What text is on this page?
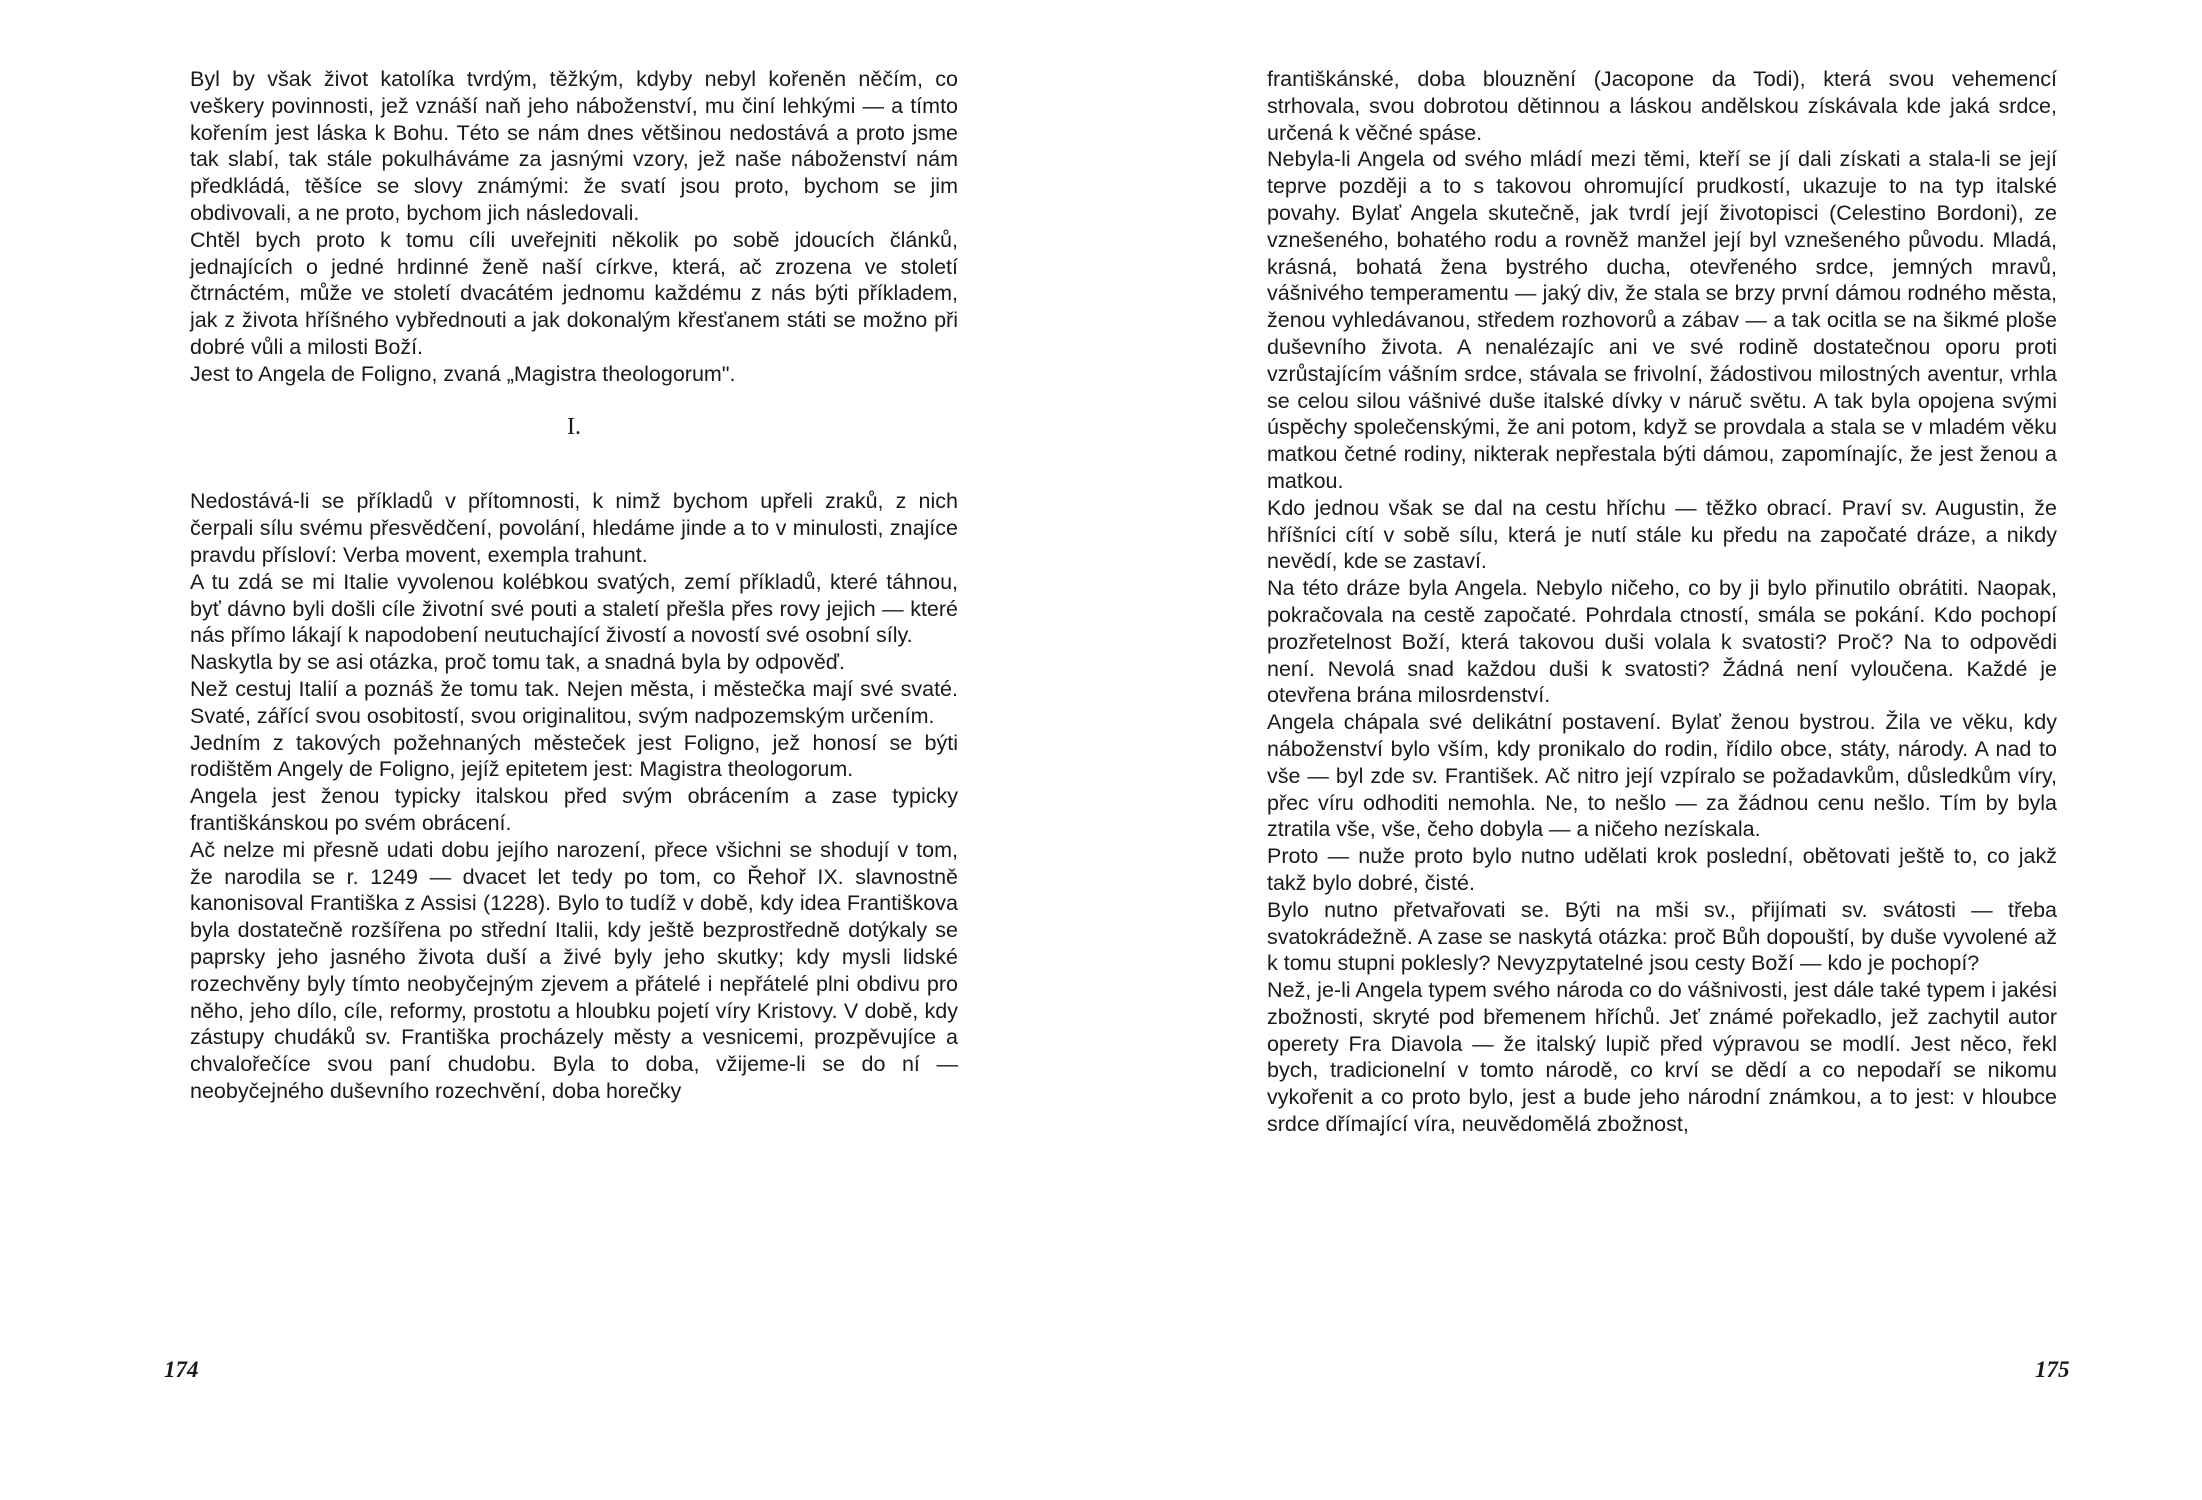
Byl by však život katolíka tvrdým, těžkým, kdyby nebyl kořeněn něčím, co veškery povinnosti, jež vznáší naň jeho náboženství, mu činí lehkými — a tímto kořením jest láska k Bohu. Této se nám dnes většinou nedostává a proto jsme tak slabí, tak stále pokulháváme za jasnými vzory, jež naše náboženství nám předkládá, těšíce se slovy známými: že svatí jsou proto, bychom se jim obdivovali, a ne proto, bychom jich následovali.

Chtěl bych proto k tomu cíli uveřejniti několik po sobě jdoucích článků, jednajících o jedné hrdinné ženě naší církve, která, ač zrozena ve století čtrnáctém, může ve století dvacátém jednomu každému z nás býti příkladem, jak z života hříšného vybřednouti a jak dokonalým křesťanem státi se možno při dobré vůli a milosti Boží.

Jest to Angela de Foligno, zvaná „Magistra theologorum".

I.

Nedostává-li se příkladů v přítomnosti, k nimž bychom upřeli zraků, z nich čerpali sílu svému přesvědčení, povolání, hledáme jinde a to v minulosti, znajíce pravdu přísloví: Verba movent, exempla trahunt.

A tu zdá se mi Italie vyvolenou kolébkou svatých, zemí příkladů, které táhnou, byť dávno byli došli cíle životní své pouti a staletí přešla přes rovy jejich — které nás přímo lákají k napodobení neutuchající živostí a novostí své osobní síly.

Naskytla by se asi otázka, proč tomu tak, a snadná byla by odpověď.

Než cestuj Italií a poznáš že tomu tak. Nejen města, i městečka mají své svaté. Svaté, zářící svou osobitostí, svou originalitou, svým nadpozemským určením.

Jedním z takových požehnaných městeček jest Foligno, jež honosí se býti rodištěm Angely de Foligno, jejíž epitetem jest: Magistra theologorum.

Angela jest ženou typicky italskou před svým obrácením a zase typicky františkánskou po svém obrácení.

Ač nelze mi přesně udati dobu jejího narození, přece všichni se shodují v tom, že narodila se r. 1249 — dvacet let tedy po tom, co Řehoř IX. slavnostně kanonisoval Františka z Assisi (1228). Bylo to tudíž v době, kdy idea Františkova byla dostatečně rozšířena po střední Italii, kdy ještě bezprostředně dotýkaly se paprsky jeho jasného života duší a živé byly jeho skutky; kdy mysli lidské rozechvěny byly tímto neobyčejným zjevem a přátelé i nepřátelé plni obdivu pro něho, jeho dílo, cíle, reformy, prostotu a hloubku pojetí víry Kristovy. V době, kdy zástupy chudáků sv. Františka procházely městy a vesnicemi, prozpěvujíce a chvalořečíce svou paní chudobu. Byla to doba, vžijeme-li se do ní — neobyčejného duševního rozechvění, doba horečky

174

františkánské, doba blouznění (Jacopone da Todi), která svou vehemencí strhovala, svou dobrotou dětinnou a láskou andělskou získávala kde jaká srdce, určená k věčné spáse.

Nebyla-li Angela od svého mládí mezi těmi, kteří se jí dali získati a stala-li se její teprve později a to s takovou ohromující prudkostí, ukazuje to na typ italské povahy. Bylať Angela skutečně, jak tvrdí její životopisci (Celestino Bordoni), ze vznešeného, bohatého rodu a rovněž manžel její byl vznešeného původu. Mladá, krásná, bohatá žena bystrého ducha, otevřeného srdce, jemných mravů, vášnivého temperamentu — jaký div, že stala se brzy první dámou rodného města, ženou vyhledávanou, středem rozhovorů a zábav — a tak ocitla se na šikmé ploše duševního života. A nenalézajíc ani ve své rodině dostatečnou oporu proti vzrůstajícím vášním srdce, stávala se frivolní, žádostivou milostných aventur, vrhla se celou silou vášnivé duše italské dívky v náruč světu. A tak byla opojena svými úspěchy společenskými, že ani potom, když se provdala a stala se v mladém věku matkou četné rodiny, nikterak nepřestala býti dámou, zapomínajíc, že jest ženou a matkou.

Kdo jednou však se dal na cestu hříchu — těžko obrací. Praví sv. Augustin, že hříšníci cítí v sobě sílu, která je nutí stále ku předu na započaté dráze, a nikdy nevědí, kde se zastaví.

Na této dráze byla Angela. Nebylo ničeho, co by ji bylo přinutilo obrátiti. Naopak, pokračovala na cestě započaté. Pohrdala ctností, smála se pokání. Kdo pochopí prozřetelnost Boží, která takovou duši volala k svatosti? Proč? Na to odpovědi není. Nevolá snad každou duši k svatosti? Žádná není vyloučena. Každé je otevřena brána milosrdenství.

Angela chápala své delikátní postavení. Bylať ženou bystrou. Žila ve věku, kdy náboženství bylo vším, kdy pronikalo do rodin, řídilo obce, státy, národy. A nad to vše — byl zde sv. František. Ač nitro její vzpíralo se požadavkům, důsledkům víry, přec víru odhoditi nemohla. Ne, to nešlo — za žádnou cenu nešlo. Tím by byla ztratila vše, vše, čeho dobyla — a ničeho nezískala.

Proto — nuže proto bylo nutno udělati krok poslední, obětovati ještě to, co jakž takž bylo dobré, čisté.

Bylo nutno přetvařovati se. Býti na mši sv., přijímati sv. svátosti — třeba svatokrádežně. A zase se naskytá otázka: proč Bůh dopouští, by duše vyvolené až k tomu stupni poklesly? Nevyzpytatelné jsou cesty Boží — kdo je pochopí?

Než, je-li Angela typem svého národa co do vášnivosti, jest dále také typem i jakési zbožnosti, skryté pod břemenem hříchů. Jeť známé pořekadlo, jež zachytil autor operety Fra Diavola — že italský lupič před výpravou se modlí. Jest něco, řekl bych, tradicionelní v tomto národě, co krví se dědí a co nepodaří se nikomu vykořenit a co proto bylo, jest a bude jeho národní známkou, a to jest: v hloubce srdce dřímající víra, neuvědomělá zbožnost,

175
